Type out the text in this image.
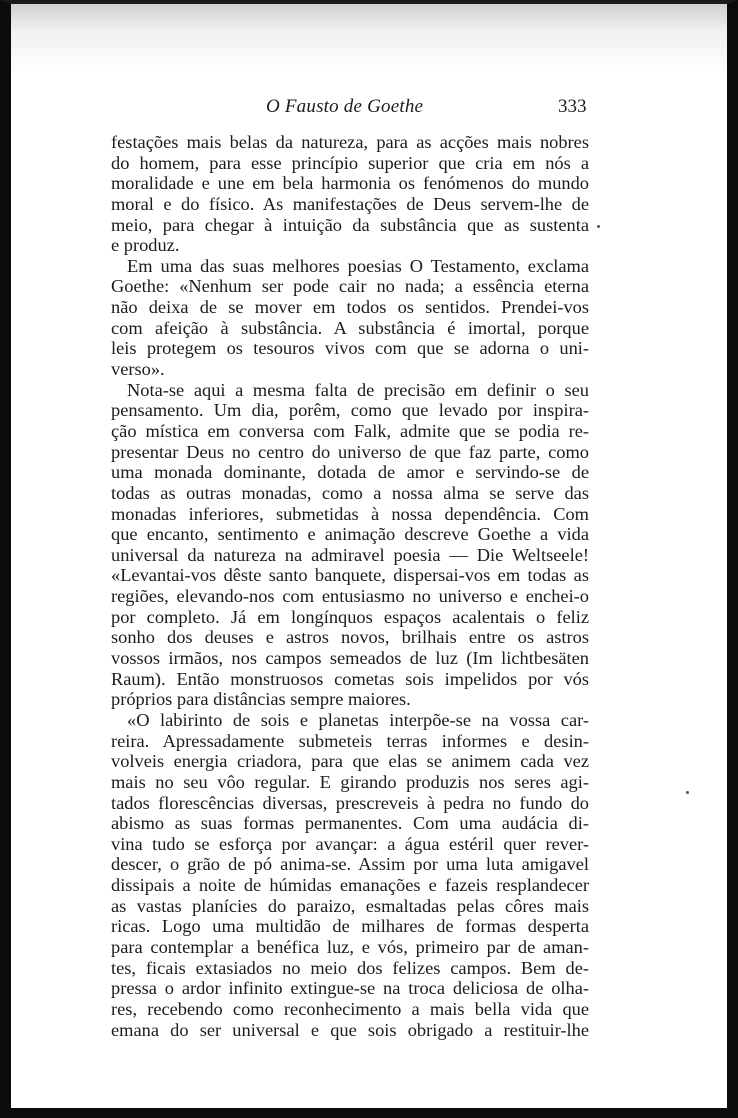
O Fausto de Goethe	333
festações mais belas da natureza, para as acções mais nobres
do homem, para esse princípio superior que cria em nós a
moralidade e une em bela harmonia os fenómenos do mundo
moral e do físico. As manifestações de Deus servem-lhe de
meio, para chegar à intuição da substância que as sustenta
e produz.
Em uma das suas melhores poesias O Testamento, exclama
Goethe: «Nenhum ser pode cair no nada; a essência eterna
não deixa de se mover em todos os sentidos. Prendei-vos
com afeição à substância. A substância é imortal, porque
leis protegem os tesouros vivos com que se adorna o uni-
verso».
Nota-se aqui a mesma falta de precisão em definir o seu
pensamento. Um dia, porêm, como que levado por inspira-
ção mística em conversa com Falk, admite que se podia re-
presentar Deus no centro do universo de que faz parte, como
uma monada dominante, dotada de amor e servindo-se de
todas as outras monadas, como a nossa alma se serve das
monadas inferiores, submetidas à nossa dependência. Com
que encanto, sentimento e animação descreve Goethe a vida
universal da natureza na admiravel poesia — Die Weltseele!
«Levantai-vos dêste santo banquete, dispersai-vos em todas as
regiões, elevando-nos com entusiasmo no universo e enchei-o
por completo. Já em longínquos espaços acalentais o feliz
sonho dos deuses e astros novos, brilhais entre os astros
vossos irmãos, nos campos semeados de luz (Im lichtbesäten
Raum). Então monstruosos cometas sois impelidos por vós
próprios para distâncias sempre maiores.
«O labirinto de sois e planetas interpõe-se na vossa car-
reira. Apressadamente submeteis terras informes e desin-
volveis energia criadora, para que elas se animem cada vez
mais no seu vôo regular. E girando produzis nos seres agi-
tados florescências diversas, prescreveis à pedra no fundo do
abismo as suas formas permanentes. Com uma audácia di-
vina tudo se esforça por avançar: a água estéril quer rever-
descer, o grão de pó anima-se. Assim por uma luta amigavel
dissipais a noite de húmidas emanações e fazeis resplandecer
as vastas planícies do paraizo, esmaltadas pelas côres mais
ricas. Logo uma multidão de milhares de formas desperta
para contemplar a benéfica luz, e vós, primeiro par de aman-
tes, ficais extasiados no meio dos felizes campos. Bem de-
pressa o ardor infinito extingue-se na troca deliciosa de olha-
res, recebendo como reconhecimento a mais bella vida que
emana do ser universal e que sois obrigado a restituir-lhe
